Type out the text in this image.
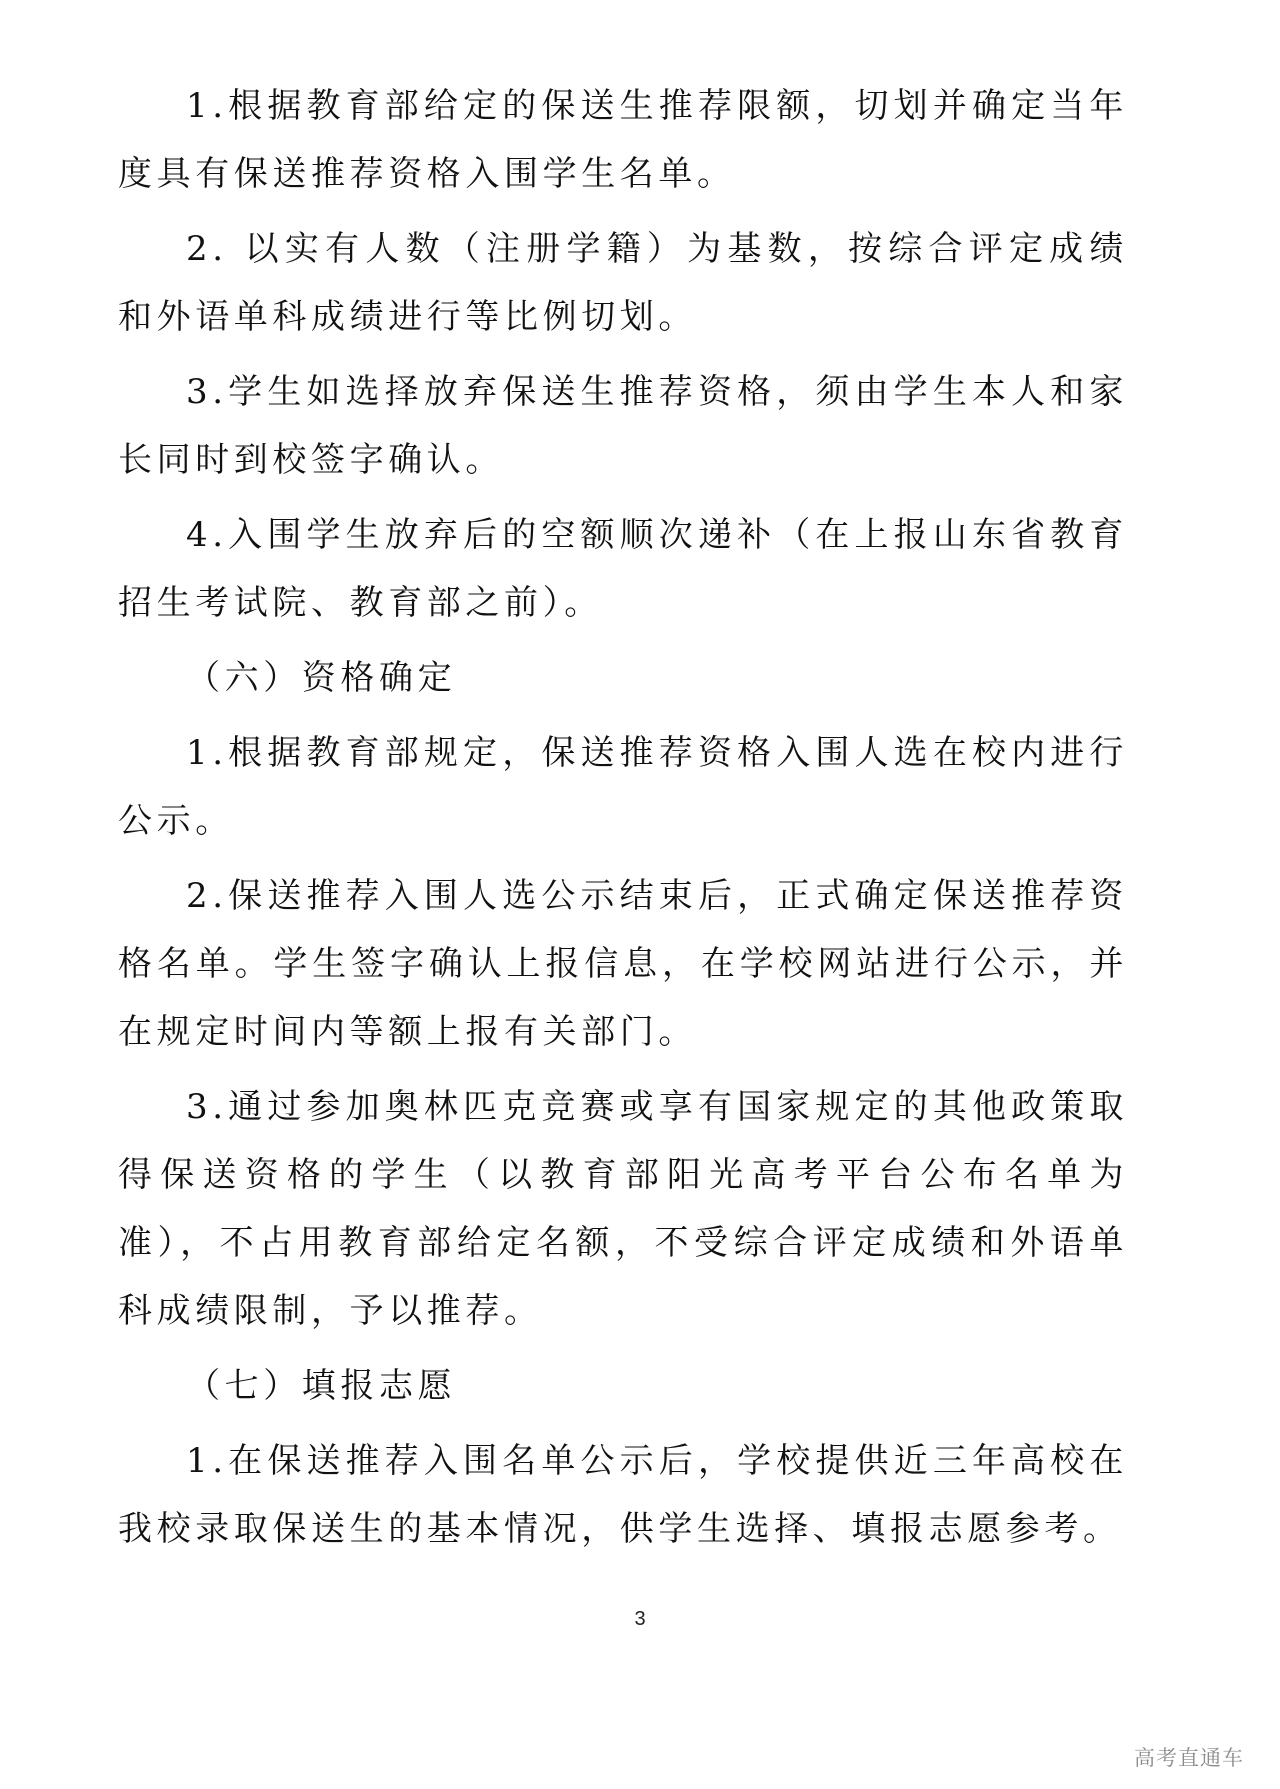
1.根据教育部给定的保送生推荐限额，切划并确定当年度具有保送推荐资格入围学生名单。

2. 以实有人数（注册学籍）为基数，按综合评定成绩和外语单科成绩进行等比例切划。

3.学生如选择放弃保送生推荐资格，须由学生本人和家长同时到校签字确认。

4.入围学生放弃后的空额顺次递补（在上报山东省教育招生考试院、教育部之前）。

（六）资格确定

1.根据教育部规定，保送推荐资格入围人选在校内进行公示。

2.保送推荐入围人选公示结束后，正式确定保送推荐资格名单。学生签字确认上报信息，在学校网站进行公示，并在规定时间内等额上报有关部门。

3.通过参加奥林匹克竞赛或享有国家规定的其他政策取得保送资格的学生（以教育部阳光高考平台公布名单为准），不占用教育部给定名额，不受综合评定成绩和外语单科成绩限制，予以推荐。

（七）填报志愿

1.在保送推荐入围名单公示后，学校提供近三年高校在我校录取保送生的基本情况，供学生选择、填报志愿参考。

3
高考直通车
